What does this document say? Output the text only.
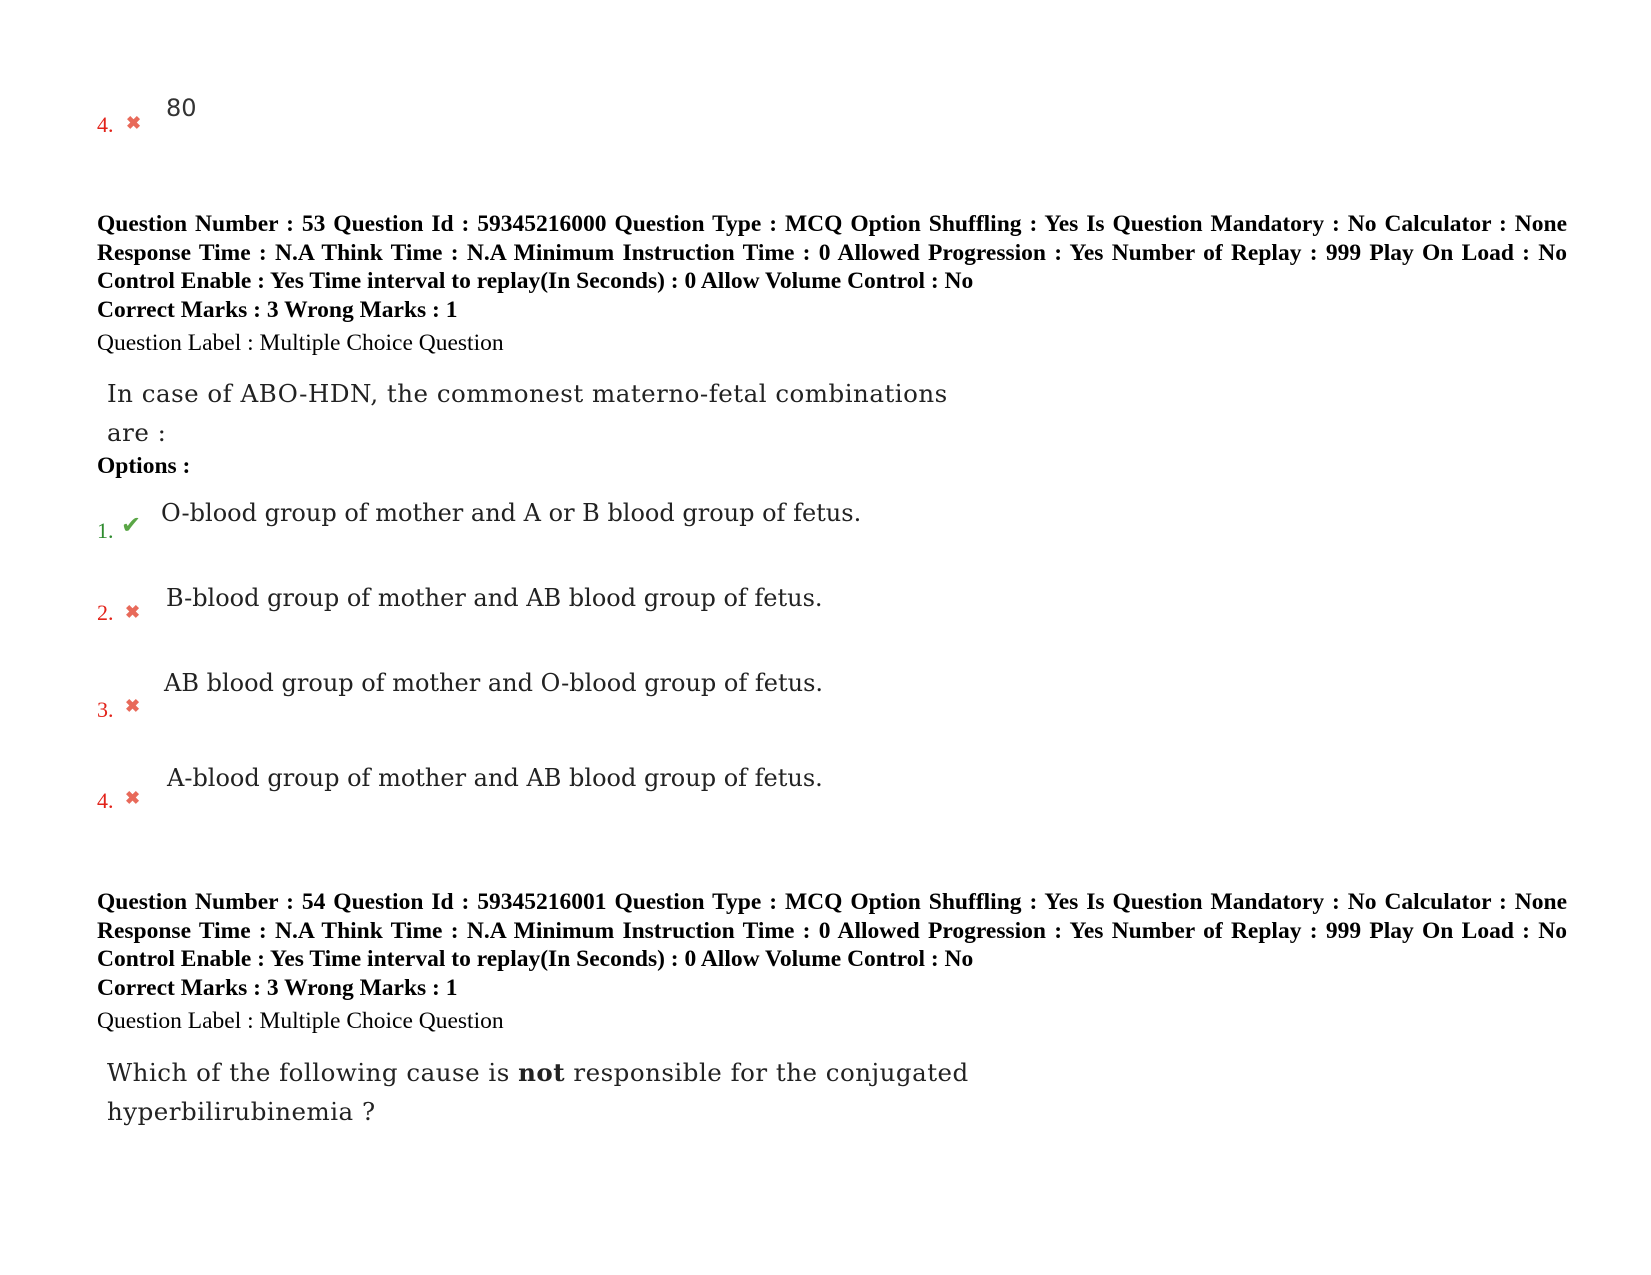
4. ✖
80
Question Number : 53 Question Id : 59345216000 Question Type : MCQ Option Shuffling : Yes Is Question Mandatory : No Calculator : None Response Time : N.A Think Time : N.A Minimum Instruction Time : 0 Allowed Progression : Yes Number of Replay : 999 Play On Load : No Control Enable : Yes Time interval to replay(In Seconds) : 0 Allow Volume Control : No
Correct Marks : 3 Wrong Marks : 1
Question Label : Multiple Choice Question
In case of ABO-HDN, the commonest materno-fetal combinations
are :
Options :
1. ✔ O-blood group of mother and A or B blood group of fetus.
2. ✖ B-blood group of mother and AB blood group of fetus.
3. ✖
AB blood group of mother and O-blood group of fetus.
4. ✖
A-blood group of mother and AB blood group of fetus.
Question Number : 54 Question Id : 59345216001 Question Type : MCQ Option Shuffling : Yes Is Question Mandatory : No Calculator : None Response Time : N.A Think Time : N.A Minimum Instruction Time : 0 Allowed Progression : Yes Number of Replay : 999 Play On Load : No Control Enable : Yes Time interval to replay(In Seconds) : 0 Allow Volume Control : No
Correct Marks : 3 Wrong Marks : 1
Question Label : Multiple Choice Question
Which of the following cause is not responsible for the conjugated
hyperbilirubinemia ?
